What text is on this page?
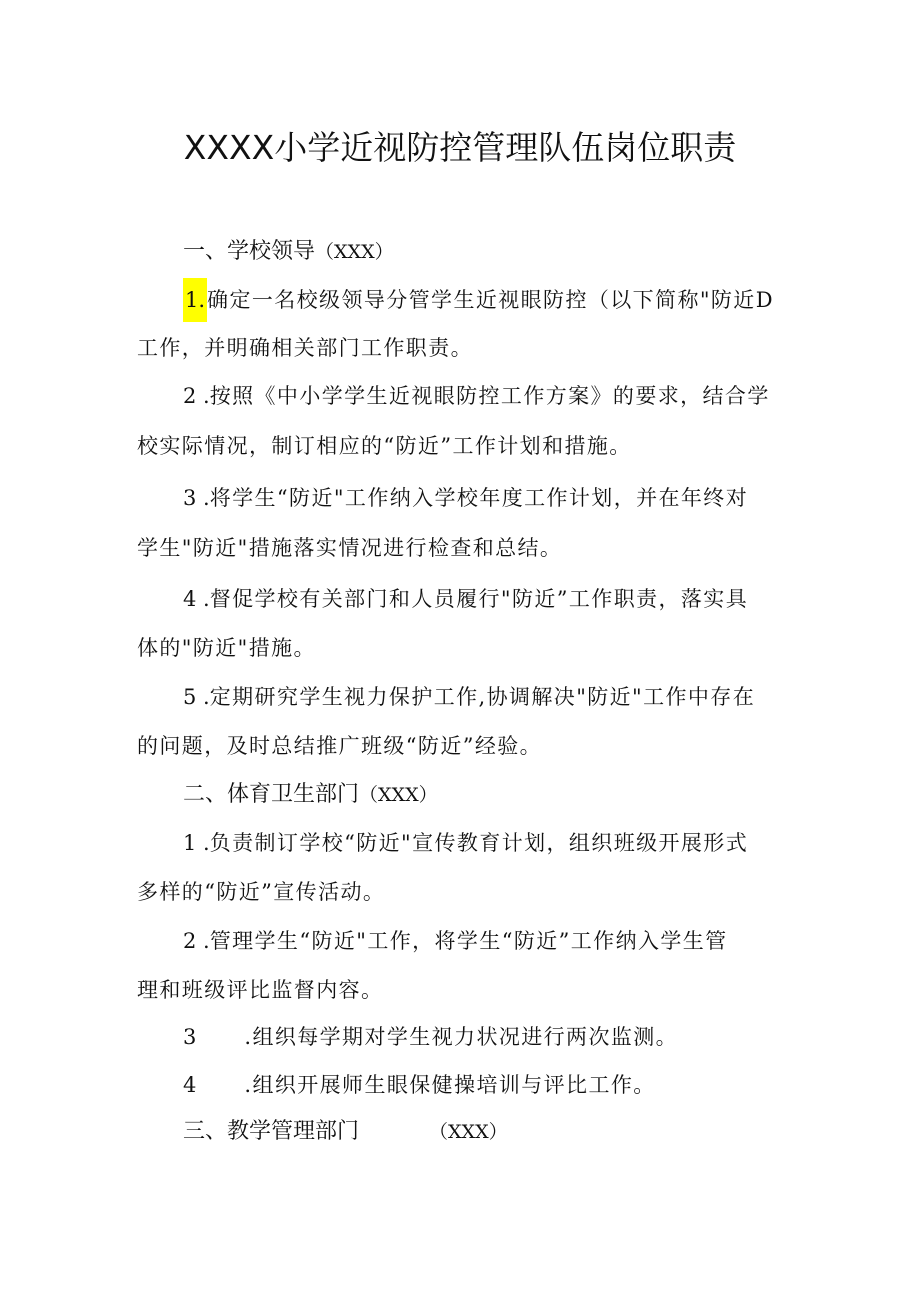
XXXX小学近视防控管理队伍岗位职责
一、学校领导（XXX）
1.确定一名校级领导分管学生近视眼防控（以下简称"防近D
工作，并明确相关部门工作职责。
2 .按照《中小学学生近视眼防控工作方案》的要求，结合学
校实际情况，制订相应的“防近”工作计划和措施。
3 .将学生“防近"工作纳入学校年度工作计划，并在年终对
学生"防近"措施落实情况进行检查和总结。
4 .督促学校有关部门和人员履行"防近”工作职责，落实具
体的"防近"措施。
5 .定期研究学生视力保护工作,协调解决"防近"工作中存在
的问题，及时总结推广班级“防近”经验。
二、体育卫生部门（XXX）
1 .负责制订学校“防近"宣传教育计划，组织班级开展形式
多样的“防近”宣传活动。
2 .管理学生“防近"工作，将学生“防近”工作纳入学生管
理和班级评比监督内容。
3 .组织每学期对学生视力状况进行两次监测。
4 .组织开展师生眼保健操培训与评比工作。
三、教学管理部门	（XXX）
